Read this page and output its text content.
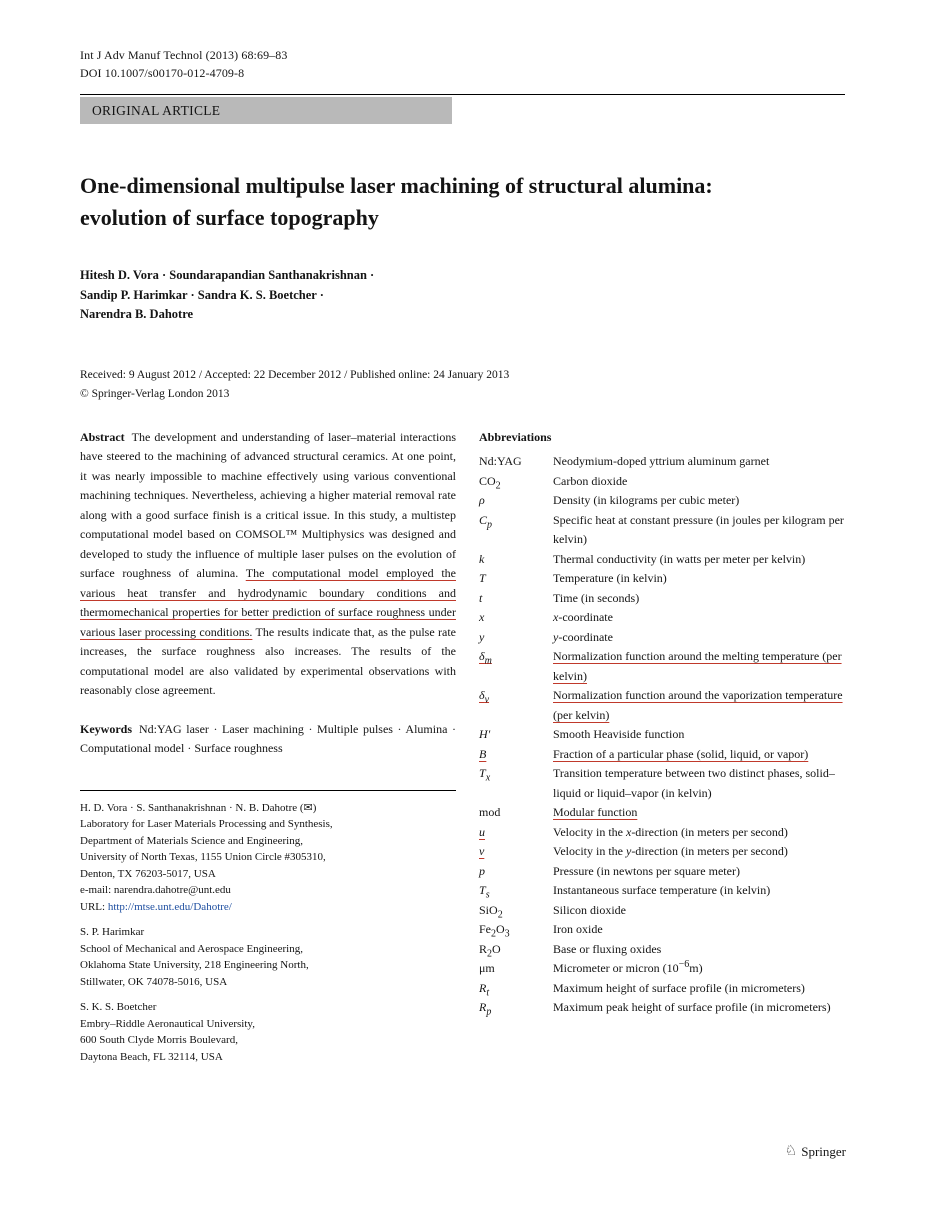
Int J Adv Manuf Technol (2013) 68:69–83
DOI 10.1007/s00170-012-4709-8
ORIGINAL ARTICLE
One-dimensional multipulse laser machining of structural alumina: evolution of surface topography
Hitesh D. Vora · Soundarapandian Santhanakrishnan ·
Sandip P. Harimkar · Sandra K. S. Boetcher ·
Narendra B. Dahotre
Received: 9 August 2012 / Accepted: 22 December 2012 / Published online: 24 January 2013
© Springer-Verlag London 2013

Abstract The development and understanding of laser–material interactions have steered to the machining of advanced structural ceramics. At one point, it was nearly impossible to machine effectively using various conventional machining techniques. Nevertheless, achieving a higher material removal rate along with a good surface finish is a critical issue. In this study, a multistep computational model based on COMSOL™ Multiphysics was designed and developed to study the influence of multiple laser pulses on the evolution of surface roughness of alumina. The computational model employed the various heat transfer and hydrodynamic boundary conditions and thermomechanical properties for better prediction of surface roughness under various laser processing conditions. The results indicate that, as the pulse rate increases, the surface roughness also increases. The results of the computational model are also validated by experimental observations with reasonably close agreement.

Keywords Nd:YAG laser · Laser machining · Multiple pulses · Alumina · Computational model · Surface roughness

H. D. Vora · S. Santhanakrishnan · N. B. Dahotre (✉)
Laboratory for Laser Materials Processing and Synthesis,
Department of Materials Science and Engineering,
University of North Texas, 1155 Union Circle #305310,
Denton, TX 76203-5017, USA
e-mail: narendra.dahotre@unt.edu
URL: http://mtse.unt.edu/Dahotre/
S. P. Harimkar
School of Mechanical and Aerospace Engineering,
Oklahoma State University, 218 Engineering North,
Stillwater, OK 74078-5016, USA
S. K. S. Boetcher
Embry–Riddle Aeronautical University,
600 South Clyde Morris Boulevard,
Daytona Beach, FL 32114, USA
Abbreviations
Nd:YAG	Neodymium-doped yttrium aluminum garnet
$CO_2$	Carbon dioxide
ρ	Density (in kilograms per cubic meter)
$C_p$	Specific heat at constant pressure (in joules per kilogram per kelvin)
k	Thermal conductivity (in watts per meter per kelvin)
T	Temperature (in kelvin)
t	Time (in seconds)
x	x-coordinate
y	y-coordinate
$\delta_m$	Normalization function around the melting temperature (per kelvin)
$\delta_v$	Normalization function around the vaporization temperature (per kelvin)
H′	Smooth Heaviside function
B	Fraction of a particular phase (solid, liquid, or vapor)
$T_x$	Transition temperature between two distinct phases, solid–liquid or liquid–vapor (in kelvin)
mod	Modular function
u	Velocity in the x-direction (in meters per second)
v	Velocity in the y-direction (in meters per second)
p	Pressure (in newtons per square meter)
$T_s$	Instantaneous surface temperature (in kelvin)
SiO$_2$	Silicon dioxide
$Fe_2O_3$	Iron oxide
$R_2O$	Base or fluxing oxides
μm	Micrometer or micron $(10^{-6}m)$
$R_t$	Maximum height of surface profile (in micrometers)
$R_p$	Maximum peak height of surface profile (in micrometers)
♘ Springer
